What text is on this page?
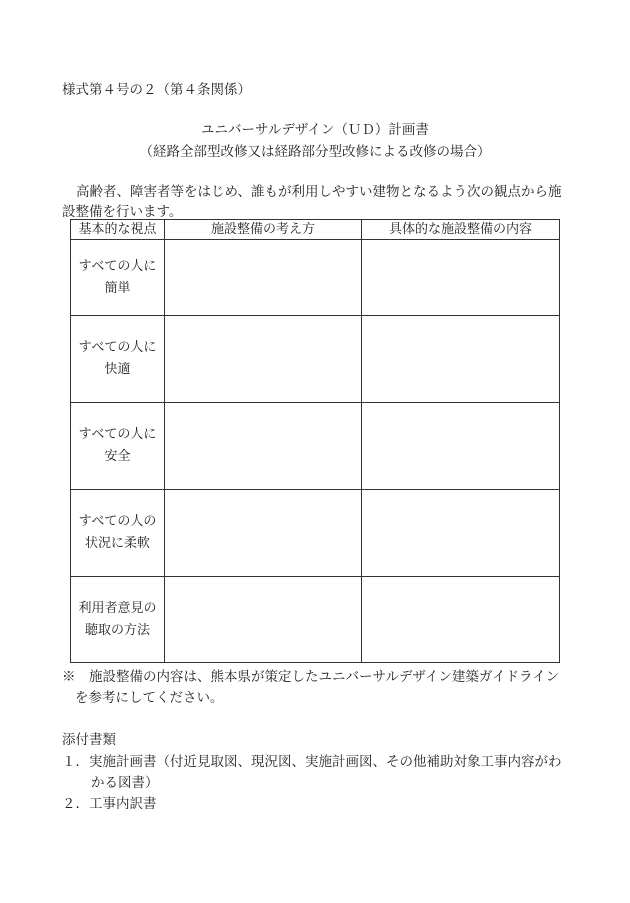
様式第４号の２（第４条関係）
ユニバーサルデザイン（ＵＤ）計画書
（経路全部型改修又は経路部分型改修による改修の場合）
高齢者、障害者等をはじめ、誰もが利用しやすい建物となるよう次の観点から施
設整備を行います。
基本的な視点	施設整備の考え方	具体的な施設整備の内容

すべての人に
簡単		

すべての人に
快適		

すべての人に
安全		

すべての人の
状況に柔軟		

利用者意見の
聴取の方法		

※　施設整備の内容は、熊本県が策定したユニバーサルデザイン建築ガイドライン
を参考にしてください。
添付書類
１．実施計画書（付近見取図、現況図、実施計画図、その他補助対象工事内容がわ
かる図書）
２．工事内訳書
